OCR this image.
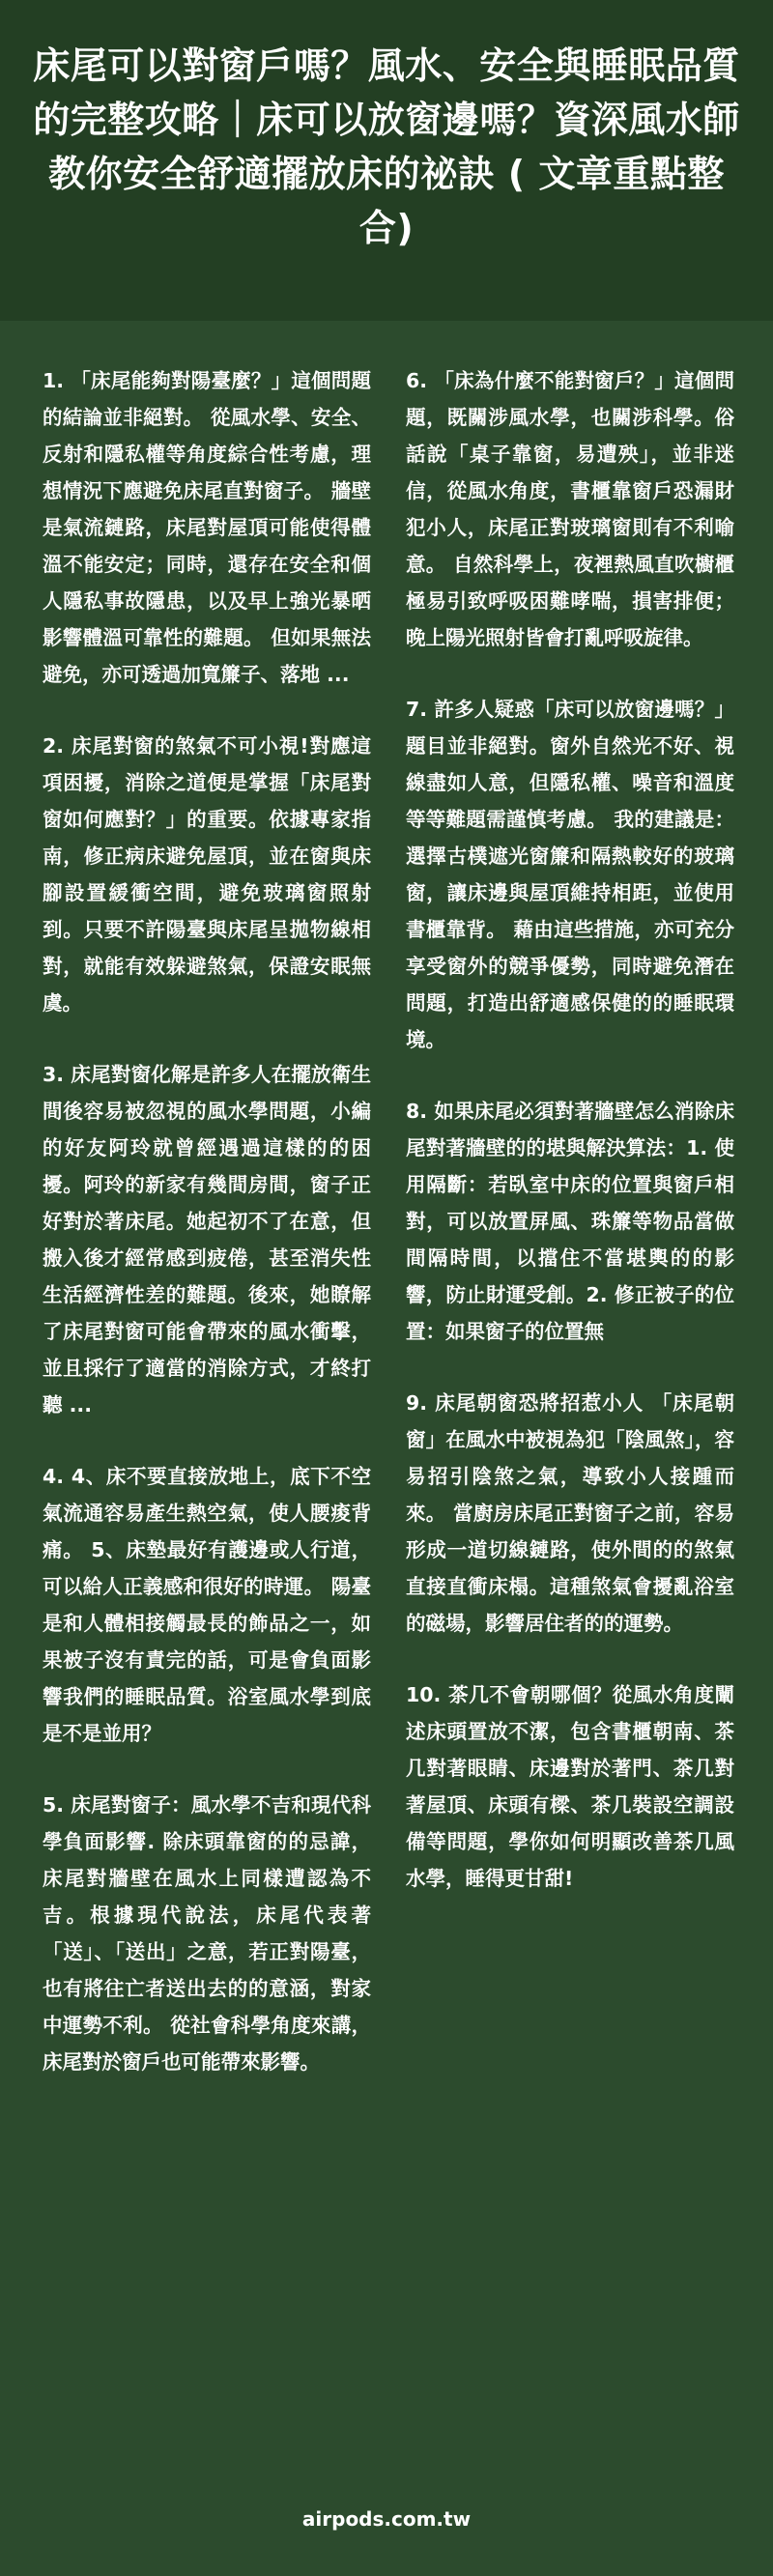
床尾可以對窗戶嗎？風水、安全與睡眠品質的完整攻略｜床可以放窗邊嗎？資深風水師教你安全舒適擺放床的祕訣 ( 文章重點整合)

1. 「床尾能夠對陽臺麼？」這個問題的結論並非絕對。 從風水學、安全、反射和隱私權等角度綜合性考慮，理想情況下應避免床尾直對窗子。 牆壁是氣流鏈路，床尾對屋頂可能使得體溫不能安定；同時，還存在安全和個人隱私事故隱患，以及早上強光暴晒影響體溫可靠性的難題。 但如果無法避免，亦可透過加寬簾子、落地 ...

2. 床尾對窗的煞氣不可小視!對應這項困擾，消除之道便是掌握「床尾對窗如何應對？」的重要。依據專家指南，修正病床避免屋頂，並在窗與床腳設置緩衝空間，避免玻璃窗照射到。只要不許陽臺與床尾呈拋物線相對，就能有效躲避煞氣，保證安眠無虞。

3. 床尾對窗化解是許多人在擺放衛生間後容易被忽視的風水學問題，小編的好友阿玲就曾經遇過這樣的的困擾。阿玲的新家有幾間房間，窗子正好對於著床尾。她起初不了在意，但搬入後才經常感到疲倦，甚至消失性生活經濟性差的難題。後來，她瞭解了床尾對窗可能會帶來的風水衝擊，並且採行了適當的消除方式，才終打聽 ...

4. 4、床不要直接放地上，底下不空氣流通容易產生熱空氣，使人腰痠背痛。 5、床墊最好有護邊或人行道，可以給人正義感和很好的時運。 陽臺是和人體相接觸最長的飾品之一，如果被子沒有責完的話，可是會負面影響我們的睡眠品質。浴室風水學到底是不是並用？

5. 床尾對窗子：風水學不吉和現代科學負面影響. 除床頭靠窗的的忌諱，床尾對牆壁在風水上同樣遭認為不吉。根據現代說法，床尾代表著「送」、「送出」之意，若正對陽臺，也有將往亡者送出去的的意涵，對家中運勢不利。 從社會科學角度來講，床尾對於窗戶也可能帶來影響。

6. 「床為什麼不能對窗戶？」這個問題，既關涉風水學，也關涉科學。俗話說「桌子靠窗，易遭殃」，並非迷信，從風水角度，書櫃靠窗戶恐漏財犯小人，床尾正對玻璃窗則有不利喻意。 自然科學上，夜裡熱風直吹櫥櫃極易引致呼吸困難哮喘，損害排便；晚上陽光照射皆會打亂呼吸旋律。

7. 許多人疑惑「床可以放窗邊嗎？」題目並非絕對。窗外自然光不好、視線盡如人意，但隱私權、噪音和溫度等等難題需謹慎考慮。 我的建議是：選擇古樸遮光窗簾和隔熱較好的玻璃窗，讓床邊與屋頂維持相距，並使用書櫃靠背。 藉由這些措施，亦可充分享受窗外的競爭優勢，同時避免潛在問題，打造出舒適感保健的的睡眠環境。

8. 如果床尾必須對著牆壁怎么消除床尾對著牆壁的的堪與解決算法：1. 使用隔斷：若臥室中床的位置與窗戶相對，可以放置屏風、珠簾等物品當做間隔時間，以擋住不當堪輿的的影響，防止財運受創。2. 修正被子的位置：如果窗子的位置無

9. 床尾朝窗恐將招惹小人 「床尾朝窗」在風水中被視為犯「陰風煞」，容易招引陰煞之氣，導致小人接踵而來。 當廚房床尾正對窗子之前，容易形成一道切線鏈路，使外間的的煞氣直接直衝床榻。這種煞氣會擾亂浴室的磁場，影響居住者的的運勢。

10. 茶几不會朝哪個？從風水角度闡述床頭置放不潔，包含書櫃朝南、茶几對著眼睛、床邊對於著門、茶几對著屋頂、床頭有樑、茶几裝設空調設備等問題，學你如何明顯改善茶几風水學，睡得更甘甜!

airpods.com.tw
